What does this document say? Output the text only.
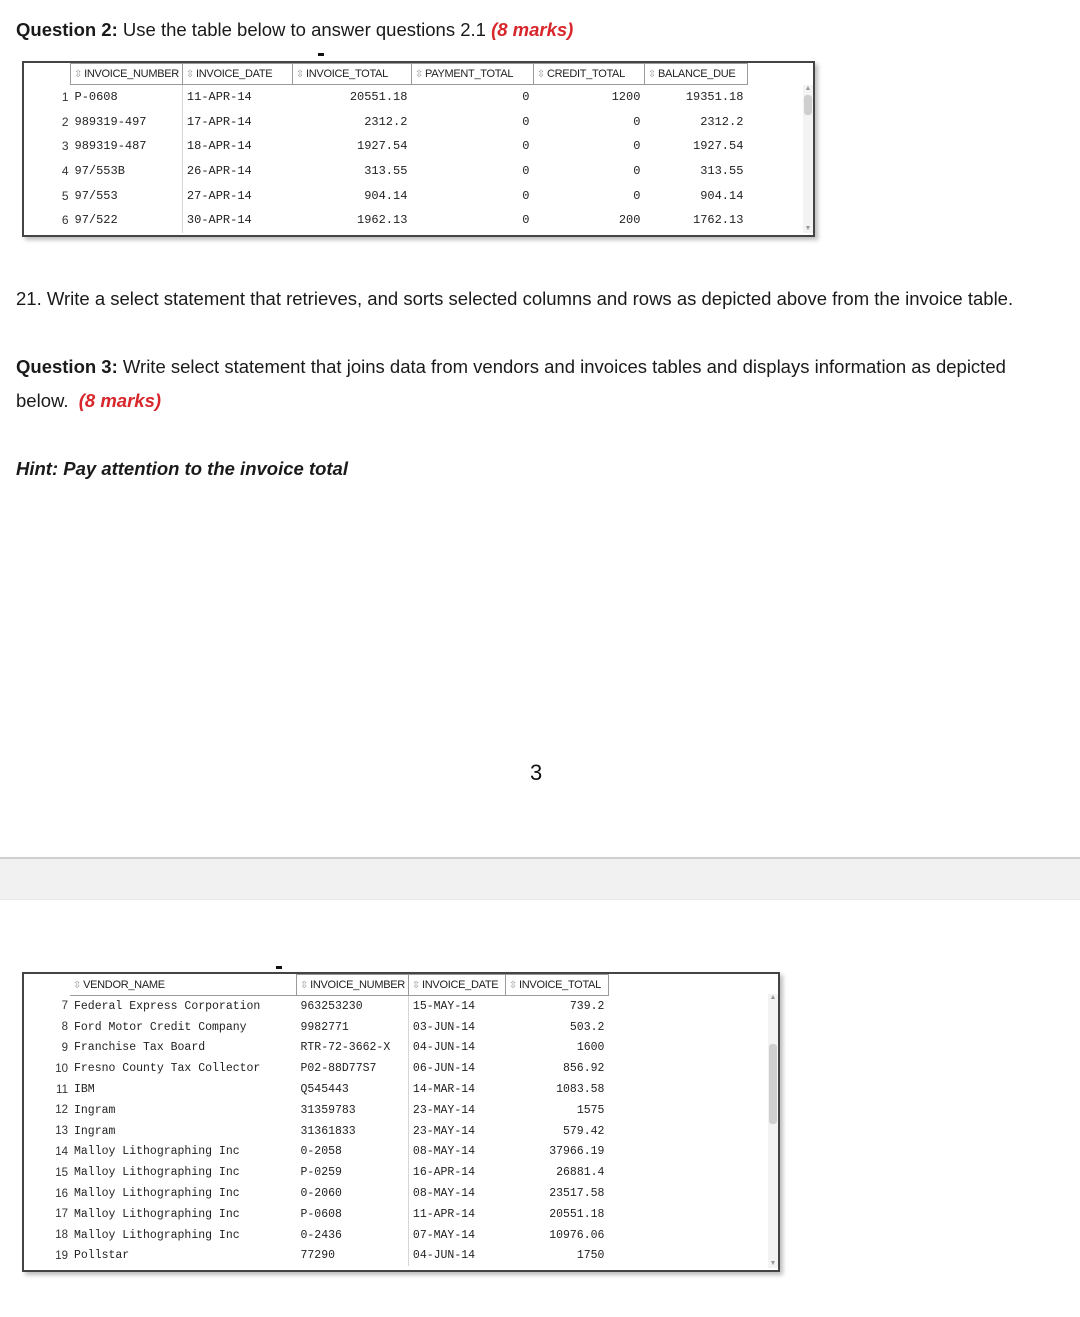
Question 2: Use the table below to answer questions 2.1 (8 marks)
	⇳ INVOICE_NUMBER	⇳ INVOICE_DATE	⇳ INVOICE_TOTAL	⇳ PAYMENT_TOTAL	⇳ CREDIT_TOTAL	⇳ BALANCE_DUE
1	P-0608	11-APR-14	20551.18	0	1200	19351.18
2	989319-497	17-APR-14	2312.2	0	0	2312.2
3	989319-487	18-APR-14	1927.54	0	0	1927.54
4	97/553B	26-APR-14	313.55	0	0	313.55
5	97/553	27-APR-14	904.14	0	0	904.14
6	97/522	30-APR-14	1962.13	0	200	1762.13
▲
▼
21. Write a select statement that retrieves, and sorts selected columns and rows as depicted above from the invoice table.
Question 3: Write select statement that joins data from vendors and invoices tables and displays information as depicted
below. (8 marks)
Hint: Pay attention to the invoice total
3
	⇳ VENDOR_NAME	⇳ INVOICE_NUMBER	⇳ INVOICE_DATE	⇳ INVOICE_TOTAL
7	Federal Express Corporation	963253230	15-MAY-14	739.2
8	Ford Motor Credit Company	9982771	03-JUN-14	503.2
9	Franchise Tax Board	RTR-72-3662-X	04-JUN-14	1600
10	Fresno County Tax Collector	P02-88D77S7	06-JUN-14	856.92
11	IBM	Q545443	14-MAR-14	1083.58
12	Ingram	31359783	23-MAY-14	1575
13	Ingram	31361833	23-MAY-14	579.42
14	Malloy Lithographing Inc	0-2058	08-MAY-14	37966.19
15	Malloy Lithographing Inc	P-0259	16-APR-14	26881.4
16	Malloy Lithographing Inc	0-2060	08-MAY-14	23517.58
17	Malloy Lithographing Inc	P-0608	11-APR-14	20551.18
18	Malloy Lithographing Inc	0-2436	07-MAY-14	10976.06
19	Pollstar	77290	04-JUN-14	1750
▲
▼
